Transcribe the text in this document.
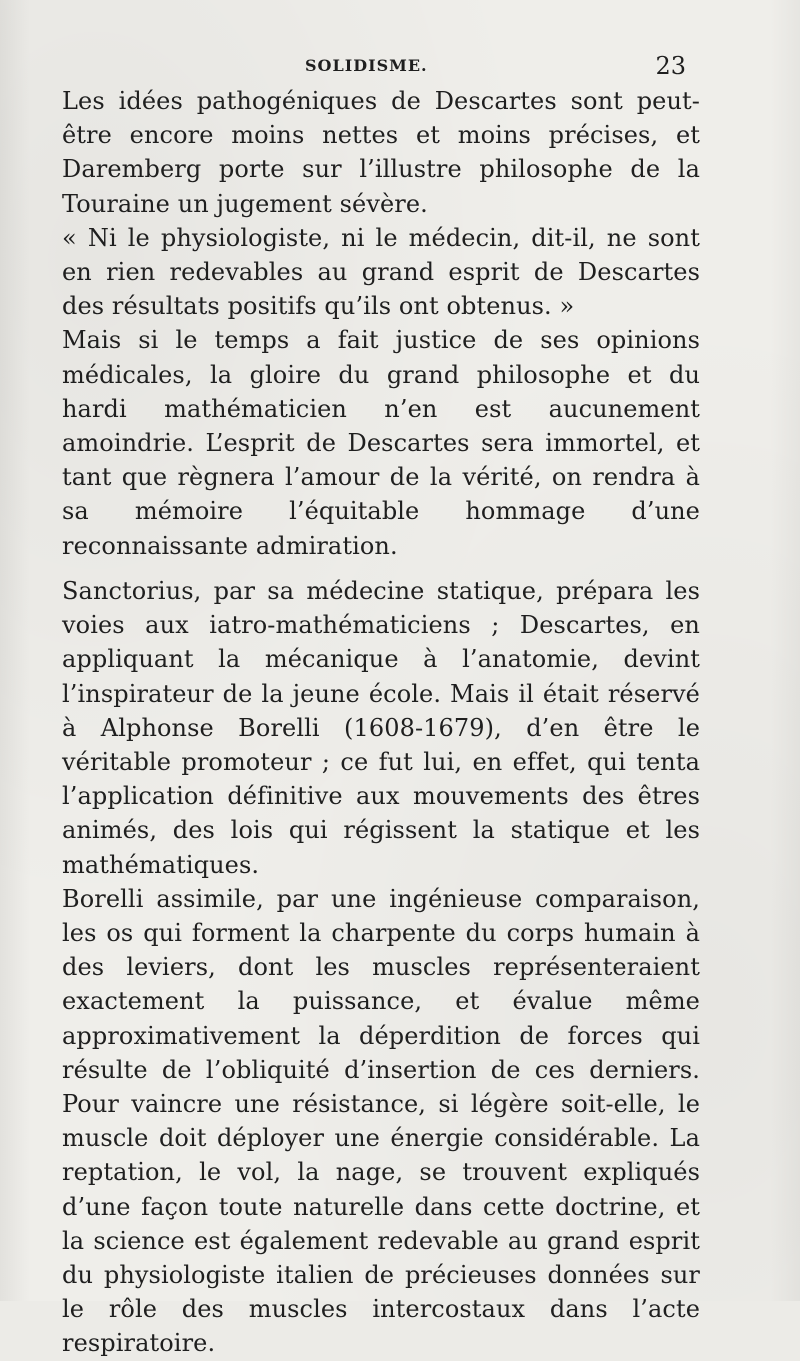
SOLIDISME.	23

Les idées pathogéniques de Descartes sont peut-être encore moins nettes et moins précises, et Daremberg porte sur l’illustre philosophe de la Touraine un jugement sévère.

« Ni le physiologiste, ni le médecin, dit-il, ne sont en rien redevables au grand esprit de Descartes des résultats positifs qu’ils ont obtenus. »

Mais si le temps a fait justice de ses opinions médicales, la gloire du grand philosophe et du hardi mathématicien n’en est aucunement amoindrie. L’esprit de Descartes sera immortel, et tant que règnera l’amour de la vérité, on rendra à sa mémoire l’équitable hommage d’une reconnaissante admiration.

Sanctorius, par sa médecine statique, prépara les voies aux iatro-mathématiciens ; Descartes, en appliquant la mécanique à l’anatomie, devint l’inspirateur de la jeune école. Mais il était réservé à Alphonse Borelli (1608-1679), d’en être le véritable promoteur ; ce fut lui, en effet, qui tenta l’application définitive aux mouvements des êtres animés, des lois qui régissent la statique et les mathématiques.

Borelli assimile, par une ingénieuse comparaison, les os qui forment la charpente du corps humain à des leviers, dont les muscles représenteraient exactement la puissance, et évalue même approximativement la déperdition de forces qui résulte de l’obliquité d’insertion de ces derniers. Pour vaincre une résistance, si légère soit-elle, le muscle doit déployer une énergie considérable. La reptation, le vol, la nage, se trouvent expliqués d’une façon toute naturelle dans cette doctrine, et la science est également redevable au grand esprit du physiologiste italien de précieuses données sur le rôle des muscles intercostaux dans l’acte respiratoire.
